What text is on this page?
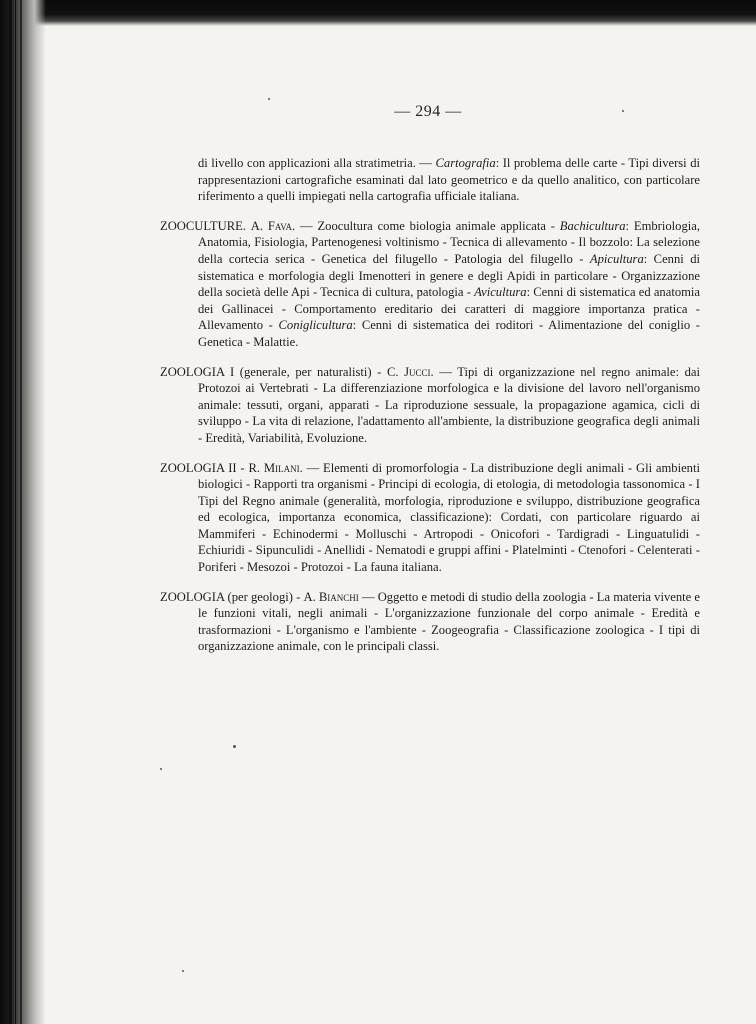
— 294 —

di livello con applicazioni alla stratimetria. — Cartografia: Il problema delle carte - Tipi diversi di rappresentazioni cartografiche esaminati dal lato geometrico e da quello analitico, con particolare riferimento a quelli impiegati nella cartografia ufficiale italiana.

ZOOCULTURE. A. Fava. — Zoocultura come biologia animale applicata - Bachicultura: Embriologia, Anatomia, Fisiologia, Partenogenesi voltinismo - Tecnica di allevamento - Il bozzolo: La selezione della cortecia serica - Genetica del filugello - Patologia del filugello - Apicultura: Cenni di sistematica e morfologia degli Imenotteri in genere e degli Apidi in particolare - Organizzazione della società delle Api - Tecnica di cultura, patologia - Avicultura: Cenni di sistematica ed anatomia dei Gallinacei - Comportamento ereditario dei caratteri di maggiore importanza pratica - Allevamento - Coniglicultura: Cenni di sistematica dei roditori - Alimentazione del coniglio - Genetica - Malattie.

ZOOLOGIA I (generale, per naturalisti) - C. Jucci. — Tipi di organizzazione nel regno animale: dai Protozoi ai Vertebrati - La differenziazione morfologica e la divisione del lavoro nell'organismo animale: tessuti, organi, apparati - La riproduzione sessuale, la propagazione agamica, cicli di sviluppo - La vita di relazione, l'adattamento all'ambiente, la distribuzione geografica degli animali - Eredità, Variabilità, Evoluzione.

ZOOLOGIA II - R. Milani. — Elementi di promorfologia - La distribuzione degli animali - Gli ambienti biologici - Rapporti tra organismi - Principi di ecologia, di etologia, di metodologia tassonomica - I Tipi del Regno animale (generalità, morfologia, riproduzione e sviluppo, distribuzione geografica ed ecologica, importanza economica, classificazione): Cordati, con particolare riguardo ai Mammiferi - Echinodermi - Molluschi - Artropodi - Onicofori - Tardigradi - Linguatulidi - Echiuridi - Sipunculidi - Anellidi - Nematodi e gruppi affini - Platelminti - Ctenofori - Celenterati - Poriferi - Mesozoi - Protozoi - La fauna italiana.

ZOOLOGIA (per geologi) - A. Bianchi — Oggetto e metodi di studio della zoologia - La materia vivente e le funzioni vitali, negli animali - L'organizzazione funzionale del corpo animale - Eredità e trasformazioni - L'organismo e l'ambiente - Zoogeografia - Classificazione zoologica - I tipi di organizzazione animale, con le principali classi.
